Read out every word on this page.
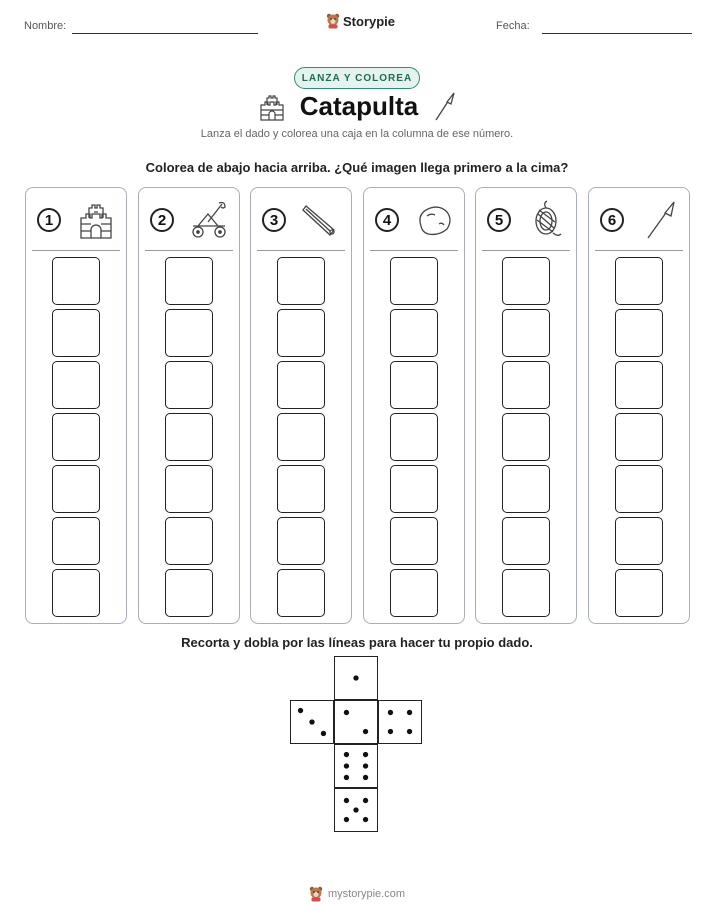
Nombre:	Storypie	Fecha:
LANZA Y COLOREA
Catapulta
Lanza el dado y colorea una caja en la columna de ese número.
Colorea de abajo hacia arriba. ¿Qué imagen llega primero a la cima?
1	2	3	4	5	6
Recorta y dobla por las líneas para hacer tu propio dado.
mystorypie.com
